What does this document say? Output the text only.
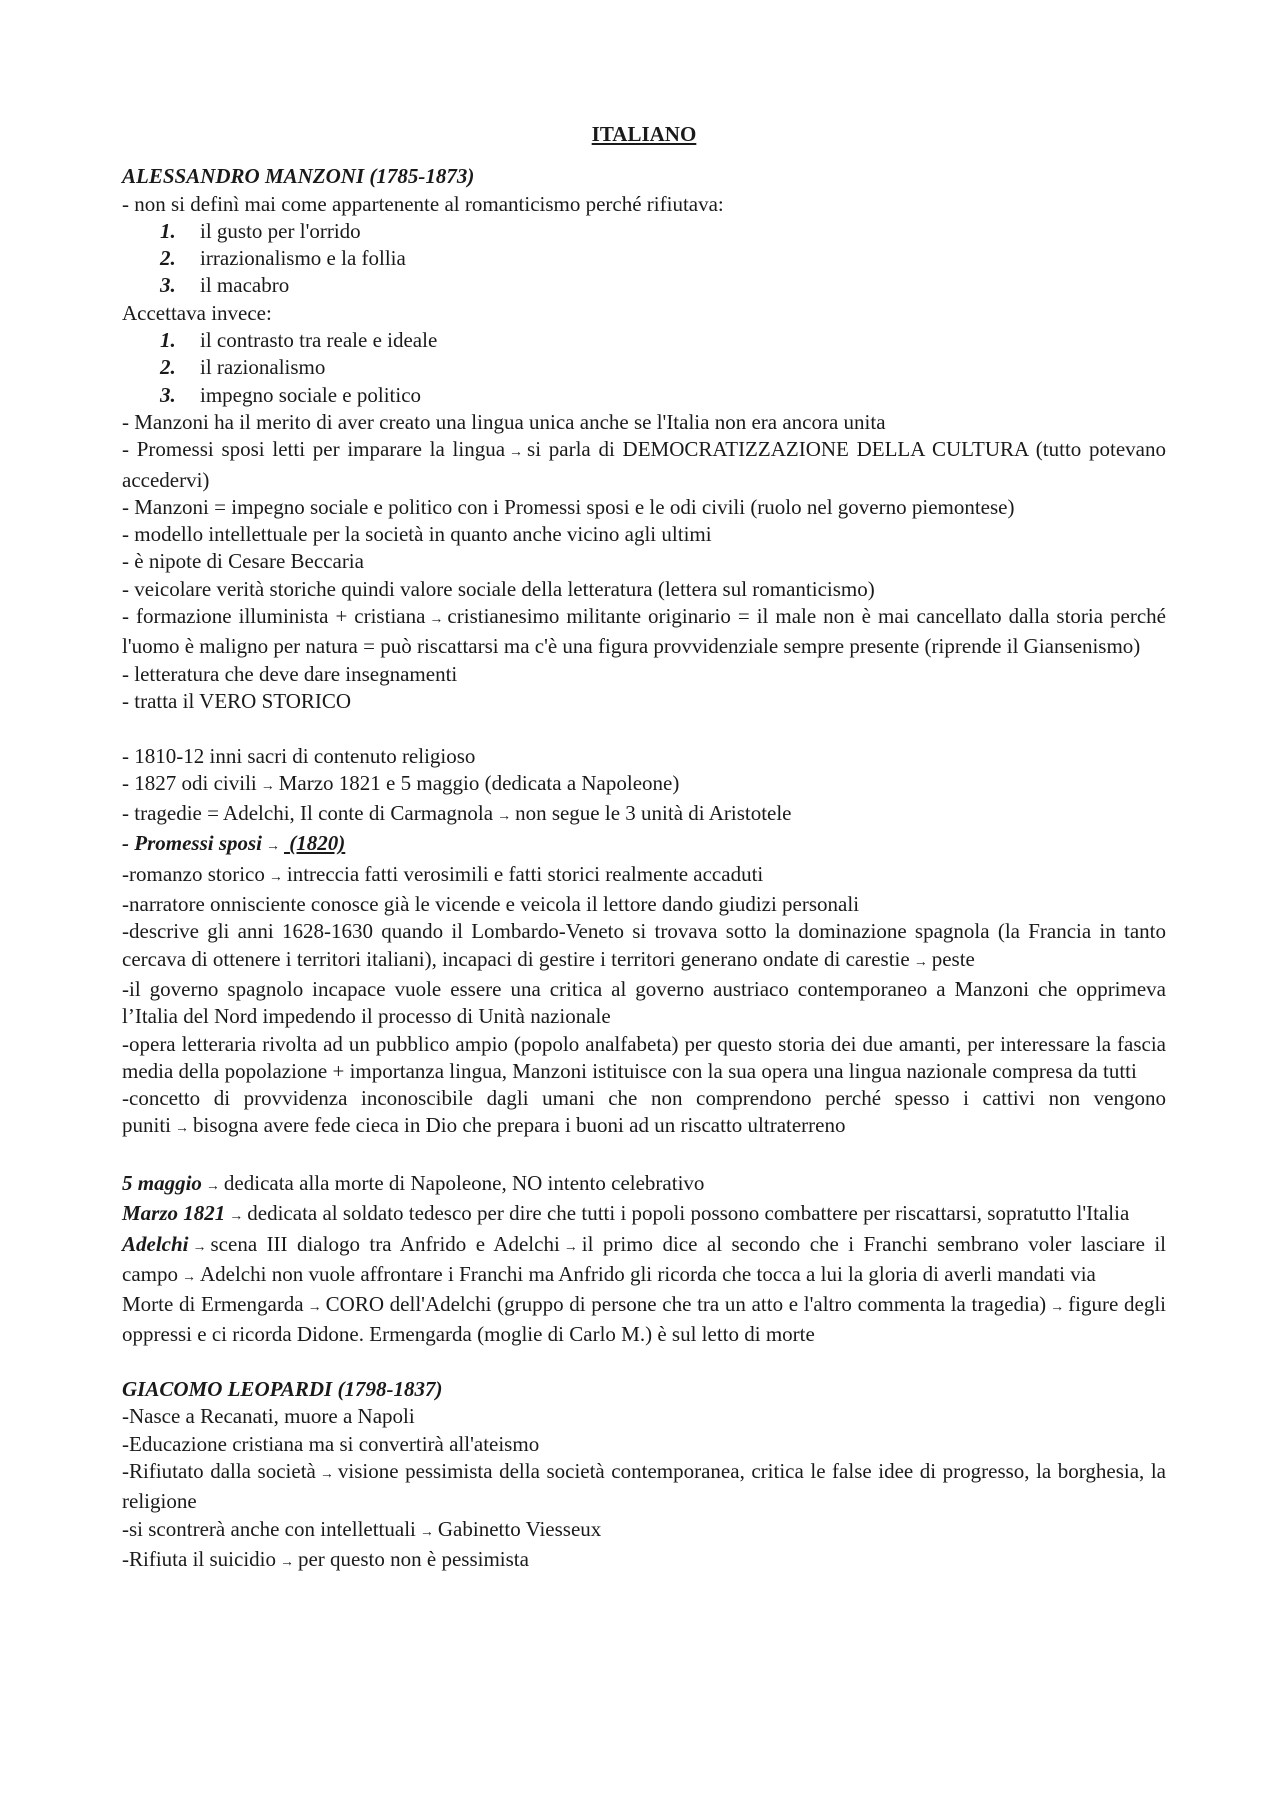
ITALIANO
ALESSANDRO MANZONI (1785-1873)
- non si definì mai come appartenente al romanticismo perché rifiutava:
1.	il gusto per l'orrido
2.	irrazionalismo e la follia
3.	il macabro
Accettava invece:
1.	il contrasto tra reale e ideale
2.	il razionalismo
3.	impegno sociale e politico
- Manzoni ha il merito di aver creato una lingua unica anche se l'Italia non era ancora unita
- Promessi sposi letti per imparare la lingua → si parla di DEMOCRATIZZAZIONE DELLA CULTURA (tutto potevano accedervi)
- Manzoni = impegno sociale e politico con i Promessi sposi e le odi civili (ruolo nel governo piemontese)
- modello intellettuale per la società in quanto anche vicino agli ultimi
- è nipote di Cesare Beccaria
- veicolare verità storiche quindi valore sociale della letteratura (lettera sul romanticismo)
- formazione illuminista + cristiana → cristianesimo militante originario = il male non è mai cancellato dalla storia perché l'uomo è maligno per natura = può riscattarsi ma c'è una figura provvidenziale sempre presente (riprende il Giansenismo)
- letteratura che deve dare insegnamenti
- tratta il VERO STORICO
- 1810-12 inni sacri di contenuto religioso
- 1827 odi civili → Marzo 1821 e 5 maggio (dedicata a Napoleone)
- tragedie = Adelchi, Il conte di Carmagnola → non segue le 3 unità di Aristotele
- Promessi sposi → (1820)
-romanzo storico → intreccia fatti verosimili e fatti storici realmente accaduti
-narratore onnisciente conosce già le vicende e veicola il lettore dando giudizi personali
-descrive gli anni 1628-1630 quando il Lombardo-Veneto si trovava sotto la dominazione spagnola (la Francia in tanto cercava di ottenere i territori italiani), incapaci di gestire i territori generano ondate di carestie → peste
-il governo spagnolo incapace vuole essere una critica al governo austriaco contemporaneo a Manzoni che opprimeva l’Italia del Nord impedendo il processo di Unità nazionale
-opera letteraria rivolta ad un pubblico ampio (popolo analfabeta) per questo storia dei due amanti, per interessare la fascia media della popolazione + importanza lingua, Manzoni istituisce con la sua opera una lingua nazionale compresa da tutti
-concetto di provvidenza inconoscibile dagli umani che non comprendono perché spesso i cattivi non vengono puniti → bisogna avere fede cieca in Dio che prepara i buoni ad un riscatto ultraterreno
5 maggio → dedicata alla morte di Napoleone, NO intento celebrativo
Marzo 1821 → dedicata al soldato tedesco per dire che tutti i popoli possono combattere per riscattarsi, sopratutto l'Italia
Adelchi → scena III dialogo tra Anfrido e Adelchi → il primo dice al secondo che i Franchi sembrano voler lasciare il campo → Adelchi non vuole affrontare i Franchi ma Anfrido gli ricorda che tocca a lui la gloria di averli mandati via
Morte di Ermengarda → CORO dell'Adelchi (gruppo di persone che tra un atto e l'altro commenta la tragedia) → figure degli oppressi e ci ricorda Didone. Ermengarda (moglie di Carlo M.) è sul letto di morte
GIACOMO LEOPARDI (1798-1837)
-Nasce a Recanati, muore a Napoli
-Educazione cristiana ma si convertirà all'ateismo
-Rifiutato dalla società → visione pessimista della società contemporanea, critica le false idee di progresso, la borghesia, la religione
-si scontrerà anche con intellettuali → Gabinetto Viesseux
-Rifiuta il suicidio → per questo non è pessimista
